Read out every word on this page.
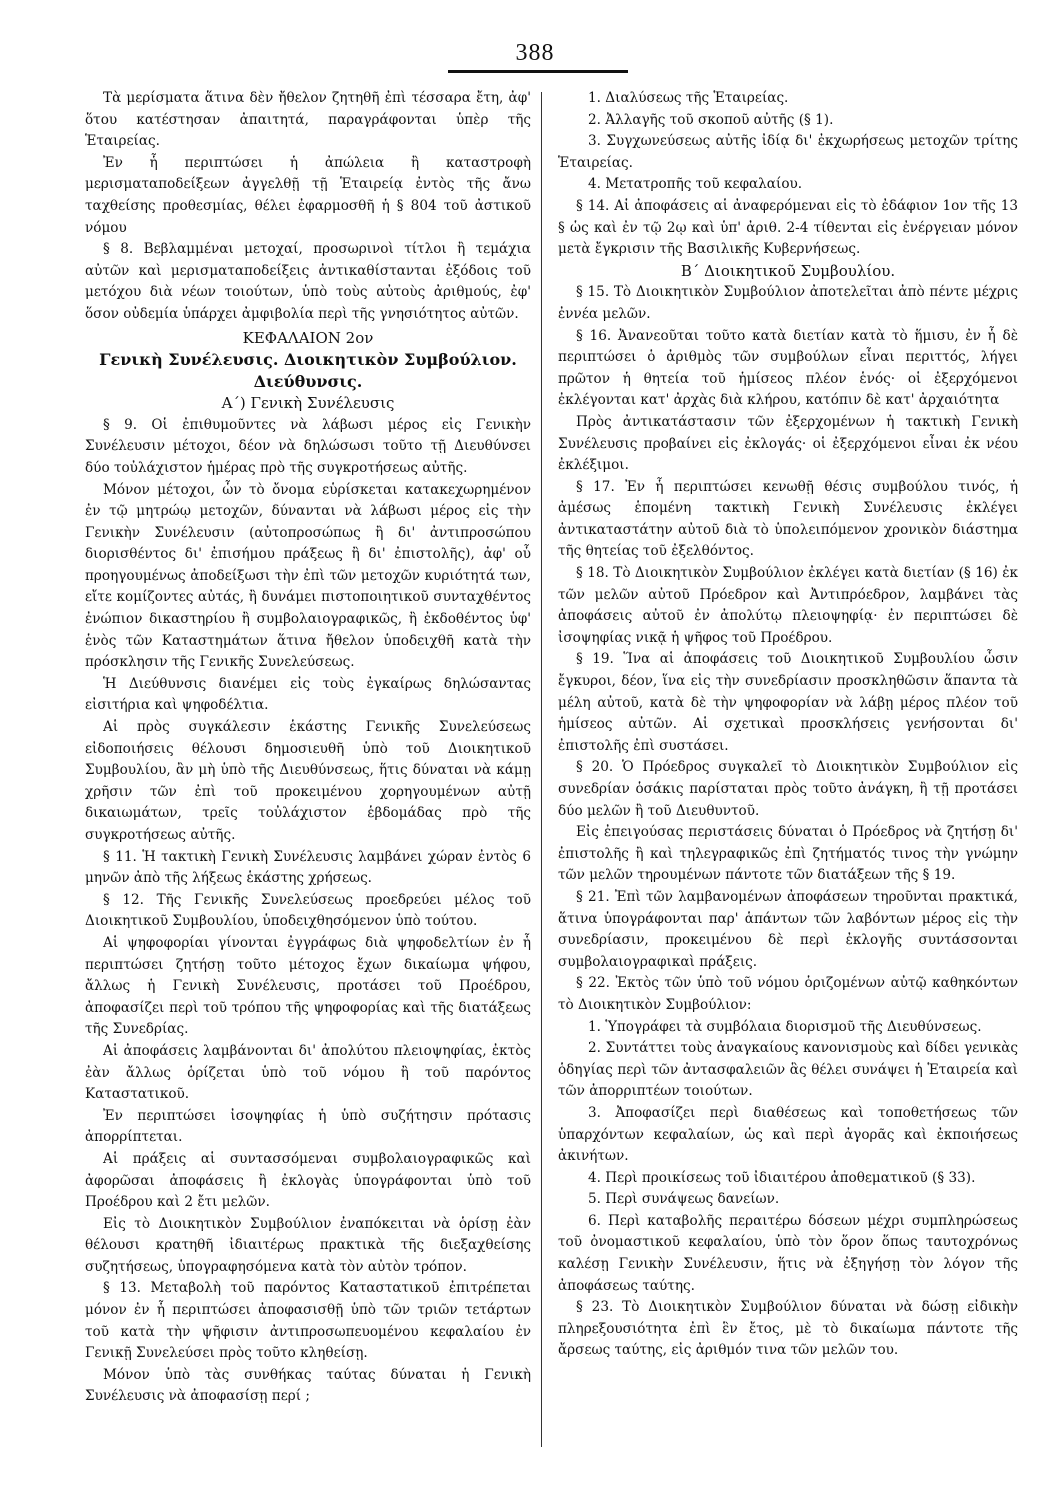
388

Τὰ μερίσματα ἅτινα δὲν ἤθελον ζητηθῆ ἐπὶ τέσσαρα ἔτη, ἀφ' ὅτου κατέστησαν ἀπαιτητά, παραγράφονται ὑπὲρ τῆς Ἑταιρείας.

Ἐν ἧ περιπτώσει ἡ ἀπώλεια ἢ καταστροφὴ μερισματαποδείξεων ἀγγελθῇ τῇ Ἑταιρείᾳ ἐντὸς τῆς ἄνω ταχθείσης προθεσμίας, θέλει ἐφαρμοσθῆ ἡ § 804 τοῦ ἀστικοῦ νόμου

§ 8. Βεβλαμμέναι μετοχαί, προσωρινοὶ τίτλοι ἢ τεμάχια αὐτῶν καὶ μερισματαποδείξεις ἀντικαθίστανται ἐξόδοις τοῦ μετόχου διὰ νέων τοιούτων, ὑπὸ τοὺς αὐτοὺς ἀριθμούς, ἐφ' ὅσον οὐδεμία ὑπάρχει ἀμφιβολία περὶ τῆς γνησιότητος αὐτῶν.

ΚΕΦΑΛΑΙΟΝ 2ον

Γενικὴ Συνέλευσις. Διοικητικὸν Συμβούλιον. Διεύθυνσις.

Α΄) Γενικὴ Συνέλευσις

§ 9. Οἱ ἐπιθυμοῦντες νὰ λάβωσι μέρος εἰς Γενικὴν Συνέλευσιν μέτοχοι, δέον νὰ δηλώσωσι τοῦτο τῇ Διευθύνσει δύο τοὐλάχιστον ἡμέρας πρὸ τῆς συγκροτήσεως αὐτῆς.

Μόνον μέτοχοι, ὧν τὸ ὄνομα εὑρίσκεται κατακεχωρημένον ἐν τῷ μητρώῳ μετοχῶν, δύνανται νὰ λάβωσι μέρος εἰς τὴν Γενικὴν Συνέλευσιν (αὐτοπροσώπως ἢ δι' ἀντιπροσώπου διορισθέντος δι' ἐπισήμου πράξεως ἢ δι' ἐπιστολῆς), ἀφ' οὗ προηγουμένως ἀποδείξωσι τὴν ἐπὶ τῶν μετοχῶν κυριότητά των, εἴτε κομίζοντες αὐτάς, ἢ δυνάμει πιστοποιητικοῦ συνταχθέντος ἐνώπιον δικαστηρίου ἢ συμβολαιογραφικῶς, ἢ ἐκδοθέντος ὑφ' ἑνὸς τῶν Καταστημάτων ἅτινα ἤθελον ὑποδειχθῆ κατὰ τὴν πρόσκλησιν τῆς Γενικῆς Συνελεύσεως.

Ἡ Διεύθυνσις διανέμει εἰς τοὺς ἐγκαίρως δηλώσαντας εἰσιτήρια καὶ ψηφοδέλτια.

Αἱ πρὸς συγκάλεσιν ἑκάστης Γενικῆς Συνελεύσεως εἰδοποιήσεις θέλουσι δημοσιευθῆ ὑπὸ τοῦ Διοικητικοῦ Συμβουλίου, ἂν μὴ ὑπὸ τῆς Διευθύνσεως, ἥτις δύναται νὰ κάμῃ χρῆσιν τῶν ἐπὶ τοῦ προκειμένου χορηγουμένων αὐτῇ δικαιωμάτων, τρεῖς τοὐλάχιστον ἑβδομάδας πρὸ τῆς συγκροτήσεως αὐτῆς.

§ 11. Ἡ τακτικὴ Γενικὴ Συνέλευσις λαμβάνει χώραν ἐντὸς 6 μηνῶν ἀπὸ τῆς λήξεως ἑκάστης χρήσεως.

§ 12. Τῆς Γενικῆς Συνελεύσεως προεδρεύει μέλος τοῦ Διοικητικοῦ Συμβουλίου, ὑποδειχθησόμενον ὑπὸ τούτου.

Αἱ ψηφοφορίαι γίνονται ἐγγράφως διὰ ψηφοδελτίων ἐν ἧ περιπτώσει ζητήσῃ τοῦτο μέτοχος ἔχων δικαίωμα ψήφου, ἄλλως ἡ Γενικὴ Συνέλευσις, προτάσει τοῦ Προέδρου, ἀποφασίζει περὶ τοῦ τρόπου τῆς ψηφοφορίας καὶ τῆς διατάξεως τῆς Συνεδρίας.

Αἱ ἀποφάσεις λαμβάνονται δι' ἀπολύτου πλειοψηφίας, ἐκτὸς ἐὰν ἄλλως ὁρίζεται ὑπὸ τοῦ νόμου ἢ τοῦ παρόντος Καταστατικοῦ.

Ἐν περιπτώσει ἰσοψηφίας ἡ ὑπὸ συζήτησιν πρότασις ἀπορρίπτεται.

Αἱ πράξεις αἱ συντασσόμεναι συμβολαιογραφικῶς καὶ ἀφορῶσαι ἀποφάσεις ἢ ἐκλογὰς ὑπογράφονται ὑπὸ τοῦ Προέδρου καὶ 2 ἔτι μελῶν.

Εἰς τὸ Διοικητικὸν Συμβούλιον ἐναπόκειται νὰ ὁρίσῃ ἐὰν θέλουσι κρατηθῆ ἰδιαιτέρως πρακτικὰ τῆς διεξαχθείσης συζητήσεως, ὑπογραφησόμενα κατὰ τὸν αὐτὸν τρόπον.

§ 13. Μεταβολὴ τοῦ παρόντος Καταστατικοῦ ἐπιτρέπεται μόνον ἐν ἧ περιπτώσει ἀποφασισθῇ ὑπὸ τῶν τριῶν τετάρτων τοῦ κατὰ τὴν ψῆφισιν ἀντιπροσωπευομένου κεφαλαίου ἐν Γενικῇ Συνελεύσει πρὸς τοῦτο κληθείσῃ.

Μόνον ὑπὸ τὰς συνθήκας ταύτας δύναται ἡ Γενικὴ Συνέλευσις νὰ ἀποφασίσῃ περί ;

1. Διαλύσεως τῆς Ἑταιρείας.

2. Ἀλλαγῆς τοῦ σκοποῦ αὐτῆς (§ 1).

3. Συγχωνεύσεως αὐτῆς ἰδίᾳ δι' ἐκχωρήσεως μετοχῶν τρίτης Ἑταιρείας.

4. Μετατροπῆς τοῦ κεφαλαίου.

§ 14. Αἱ ἀποφάσεις αἱ ἀναφερόμεναι εἰς τὸ ἐδάφιον 1ον τῆς 13 § ὡς καὶ ἐν τῷ 2ῳ καὶ ὑπ' ἀριθ. 2-4 τίθενται εἰς ἐνέργειαν μόνον μετὰ ἔγκρισιν τῆς Βασιλικῆς Κυβερνήσεως.

Β΄ Διοικητικοῦ Συμβουλίου.

§ 15. Τὸ Διοικητικὸν Συμβούλιον ἀποτελεῖται ἀπὸ πέντε μέχρις ἐννέα μελῶν.

§ 16. Ἀνανεοῦται τοῦτο κατὰ διετίαν κατὰ τὸ ἥμισυ, ἐν ἧ δὲ περιπτώσει ὁ ἀριθμὸς τῶν συμβούλων εἶναι περιττός, λήγει πρῶτον ἡ θητεία τοῦ ἡμίσεος πλέον ἑνός· οἱ ἐξερχόμενοι ἐκλέγονται κατ' ἀρχὰς διὰ κλήρου, κατόπιν δὲ κατ' ἀρχαιότητα

Πρὸς ἀντικατάστασιν τῶν ἐξερχομένων ἡ τακτικὴ Γενικὴ Συνέλευσις προβαίνει εἰς ἐκλογάς· οἱ ἐξερχόμενοι εἶναι ἐκ νέου ἐκλέξιμοι.

§ 17. Ἐν ἧ περιπτώσει κενωθῇ θέσις συμβούλου τινός, ἡ ἀμέσως ἑπομένη τακτικὴ Γενικὴ Συνέλευσις ἐκλέγει ἀντικαταστάτην αὐτοῦ διὰ τὸ ὑπολειπόμενον χρονικὸν διάστημα τῆς θητείας τοῦ ἐξελθόντος.

§ 18. Τὸ Διοικητικὸν Συμβούλιον ἐκλέγει κατὰ διετίαν (§ 16) ἐκ τῶν μελῶν αὐτοῦ Πρόεδρον καὶ Ἀντιπρόεδρον, λαμβάνει τὰς ἀποφάσεις αὐτοῦ ἐν ἀπολύτῳ πλειοψηφίᾳ· ἐν περιπτώσει δὲ ἰσοψηφίας νικᾷ ἡ ψῆφος τοῦ Προέδρου.

§ 19. Ἵνα αἱ ἀποφάσεις τοῦ Διοικητικοῦ Συμβουλίου ὦσιν ἔγκυροι, δέον, ἵνα εἰς τὴν συνεδρίασιν προσκληθῶσιν ἅπαντα τὰ μέλη αὐτοῦ, κατὰ δὲ τὴν ψηφοφορίαν νὰ λάβῃ μέρος πλέον τοῦ ἡμίσεος αὐτῶν. Αἱ σχετικαὶ προσκλήσεις γενήσονται δι' ἐπιστολῆς ἐπὶ συστάσει.

§ 20. Ὁ Πρόεδρος συγκαλεῖ τὸ Διοικητικὸν Συμβούλιον εἰς συνεδρίαν ὁσάκις παρίσταται πρὸς τοῦτο ἀνάγκη, ἢ τῇ προτάσει δύο μελῶν ἢ τοῦ Διευθυντοῦ.

Εἰς ἐπειγούσας περιστάσεις δύναται ὁ Πρόεδρος νὰ ζητήσῃ δι' ἐπιστολῆς ἢ καὶ τηλεγραφικῶς ἐπὶ ζητήματός τινος τὴν γνώμην τῶν μελῶν τηρουμένων πάντοτε τῶν διατάξεων τῆς § 19.

§ 21. Ἐπὶ τῶν λαμβανομένων ἀποφάσεων τηροῦνται πρακτικά, ἅτινα ὑπογράφονται παρ' ἁπάντων τῶν λαβόντων μέρος εἰς τὴν συνεδρίασιν, προκειμένου δὲ περὶ ἐκλογῆς συντάσσονται συμβολαιογραφικαὶ πράξεις.

§ 22. Ἐκτὸς τῶν ὑπὸ τοῦ νόμου ὁριζομένων αὐτῷ καθηκόντων τὸ Διοικητικὸν Συμβούλιον:

1. Ὑπογράφει τὰ συμβόλαια διορισμοῦ τῆς Διευθύνσεως.

2. Συντάττει τοὺς ἀναγκαίους κανονισμοὺς καὶ δίδει γενικὰς ὁδηγίας περὶ τῶν ἀντασφαλειῶν ἃς θέλει συνάψει ἡ Ἑταιρεία καὶ τῶν ἀπορριπτέων τοιούτων.

3. Ἀποφασίζει περὶ διαθέσεως καὶ τοποθετήσεως τῶν ὑπαρχόντων κεφαλαίων, ὡς καὶ περὶ ἀγορᾶς καὶ ἐκποιήσεως ἀκινήτων.

4. Περὶ προικίσεως τοῦ ἰδιαιτέρου ἀποθεματικοῦ (§ 33).

5. Περὶ συνάψεως δανείων.

6. Περὶ καταβολῆς περαιτέρω δόσεων μέχρι συμπληρώσεως τοῦ ὀνομαστικοῦ κεφαλαίου, ὑπὸ τὸν ὅρον ὅπως ταυτοχρόνως καλέσῃ Γενικὴν Συνέλευσιν, ἥτις νὰ ἐξηγήσῃ τὸν λόγον τῆς ἀποφάσεως ταύτης.

§ 23. Τὸ Διοικητικὸν Συμβούλιον δύναται νὰ δώσῃ εἰδικὴν πληρεξουσιότητα ἐπὶ ἓν ἔτος, μὲ τὸ δικαίωμα πάντοτε τῆς ἄρσεως ταύτης, εἰς ἀριθμόν τινα τῶν μελῶν του.
